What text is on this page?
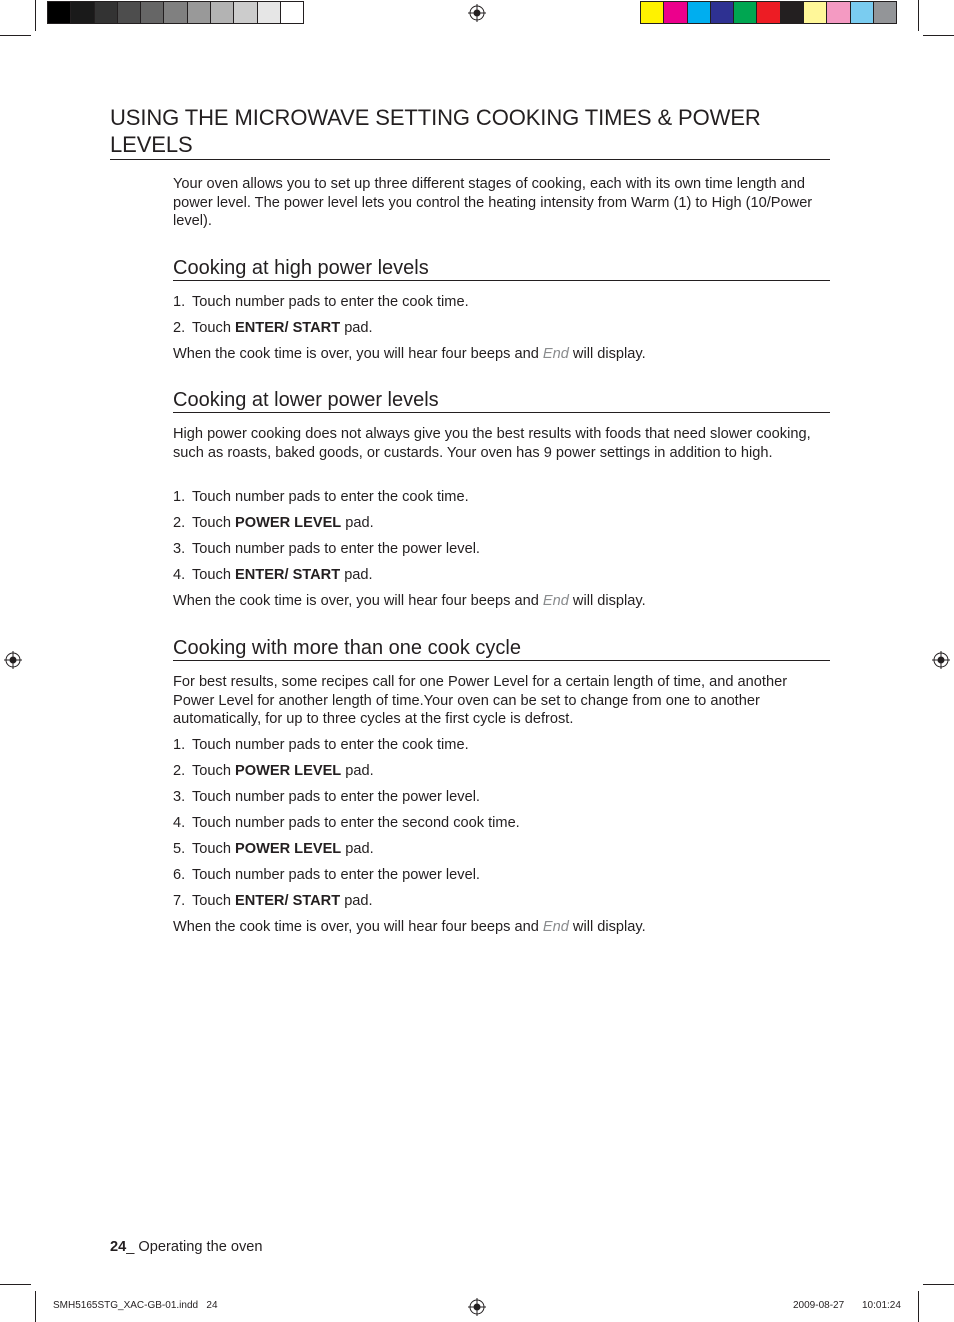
USING THE MICROWAVE SETTING COOKING TIMES & POWER LEVELS
Your oven allows you to set up three different stages of cooking, each with its own time length and power level. The power level lets you control the heating intensity from Warm (1) to High (10/Power level).
Cooking at high power levels
1. Touch number pads to enter the cook time.
2. Touch ENTER/ START pad.
When the cook time is over, you will hear four beeps and End will display.
Cooking at lower power levels
High power cooking does not always give you the best results with foods that need slower cooking, such as roasts, baked goods, or custards. Your oven has 9 power settings in addition to high.
1. Touch number pads to enter the cook time.
2. Touch POWER LEVEL pad.
3. Touch number pads to enter the power level.
4. Touch ENTER/ START pad.
When the cook time is over, you will hear four beeps and End will display.
Cooking with more than one cook cycle
For best results, some recipes call for one Power Level for a certain length of time, and another Power Level for another length of time.Your oven can be set to change from one to another automatically, for up to three cycles at the first cycle is defrost.
1. Touch number pads to enter the cook time.
2. Touch POWER LEVEL pad.
3. Touch number pads to enter the power level.
4. Touch number pads to enter the second cook time.
5. Touch POWER LEVEL pad.
6. Touch number pads to enter the power level.
7. Touch ENTER/ START pad.
When the cook time is over, you will hear four beeps and End will display.
24_ Operating the oven
SMH5165STG_XAC-GB-01.indd   24	2009-08-27 10:01:24
